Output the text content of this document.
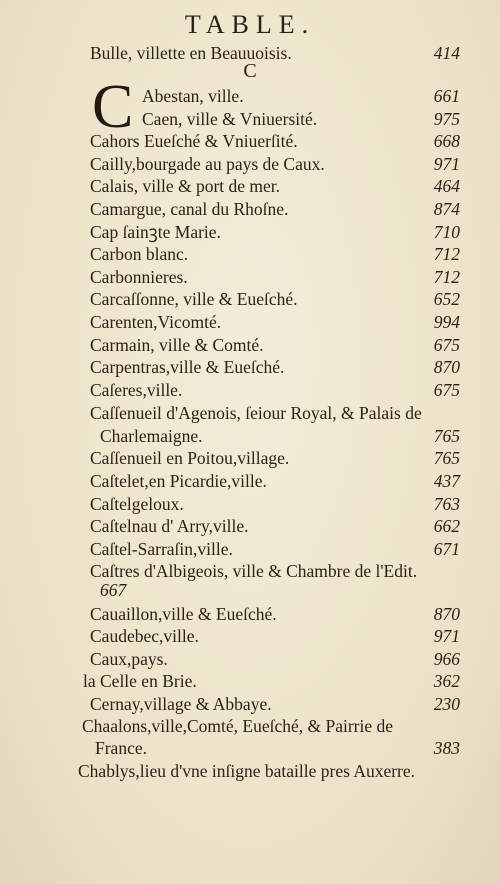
TABLE.
Bulle, villette en Beauuoisis.	414
C
C Abestan, ville.	661
Caen, ville & Vniuersité.	975
Cahors Eueſché & Vniuerſité.	668
Cailly,bourgade au pays de Caux.	971
Calais, ville & port de mer.	464
Camargue, canal du Rhoſne.	874
Cap ſainꝫte Marie.	710
Carbon blanc.	712
Carbonnieres.	712
Carcaſſonne, ville & Eueſché.	652
Carenten,Vicomté.	994
Carmain, ville & Comté.	675
Carpentras,ville & Eueſché.	870
Caſeres,ville.	675
Caſſenueil d'Agenois, ſeiour Royal, & Palais de
Charlemaigne.	765
Caſſenueil en Poitou,village.	765
Caſtelet,en Picardie,ville.	437
Caſtelgeloux.	763
Caſtelnau d' Arry,ville.	662
Caſtel-Sarraſin,ville.	671
Caſtres d'Albigeois, ville & Chambre de l'Edit.
667
Cauaillon,ville & Eueſché.	870
Caudebec,ville.	971
Caux,pays.	966
la Celle en Brie.	362
Cernay,village & Abbaye.	230
Chaalons,ville,Comté, Eueſché, & Pairrie de
France.	383
Chablys,lieu d'vne inſigne bataille pres Auxerre.
